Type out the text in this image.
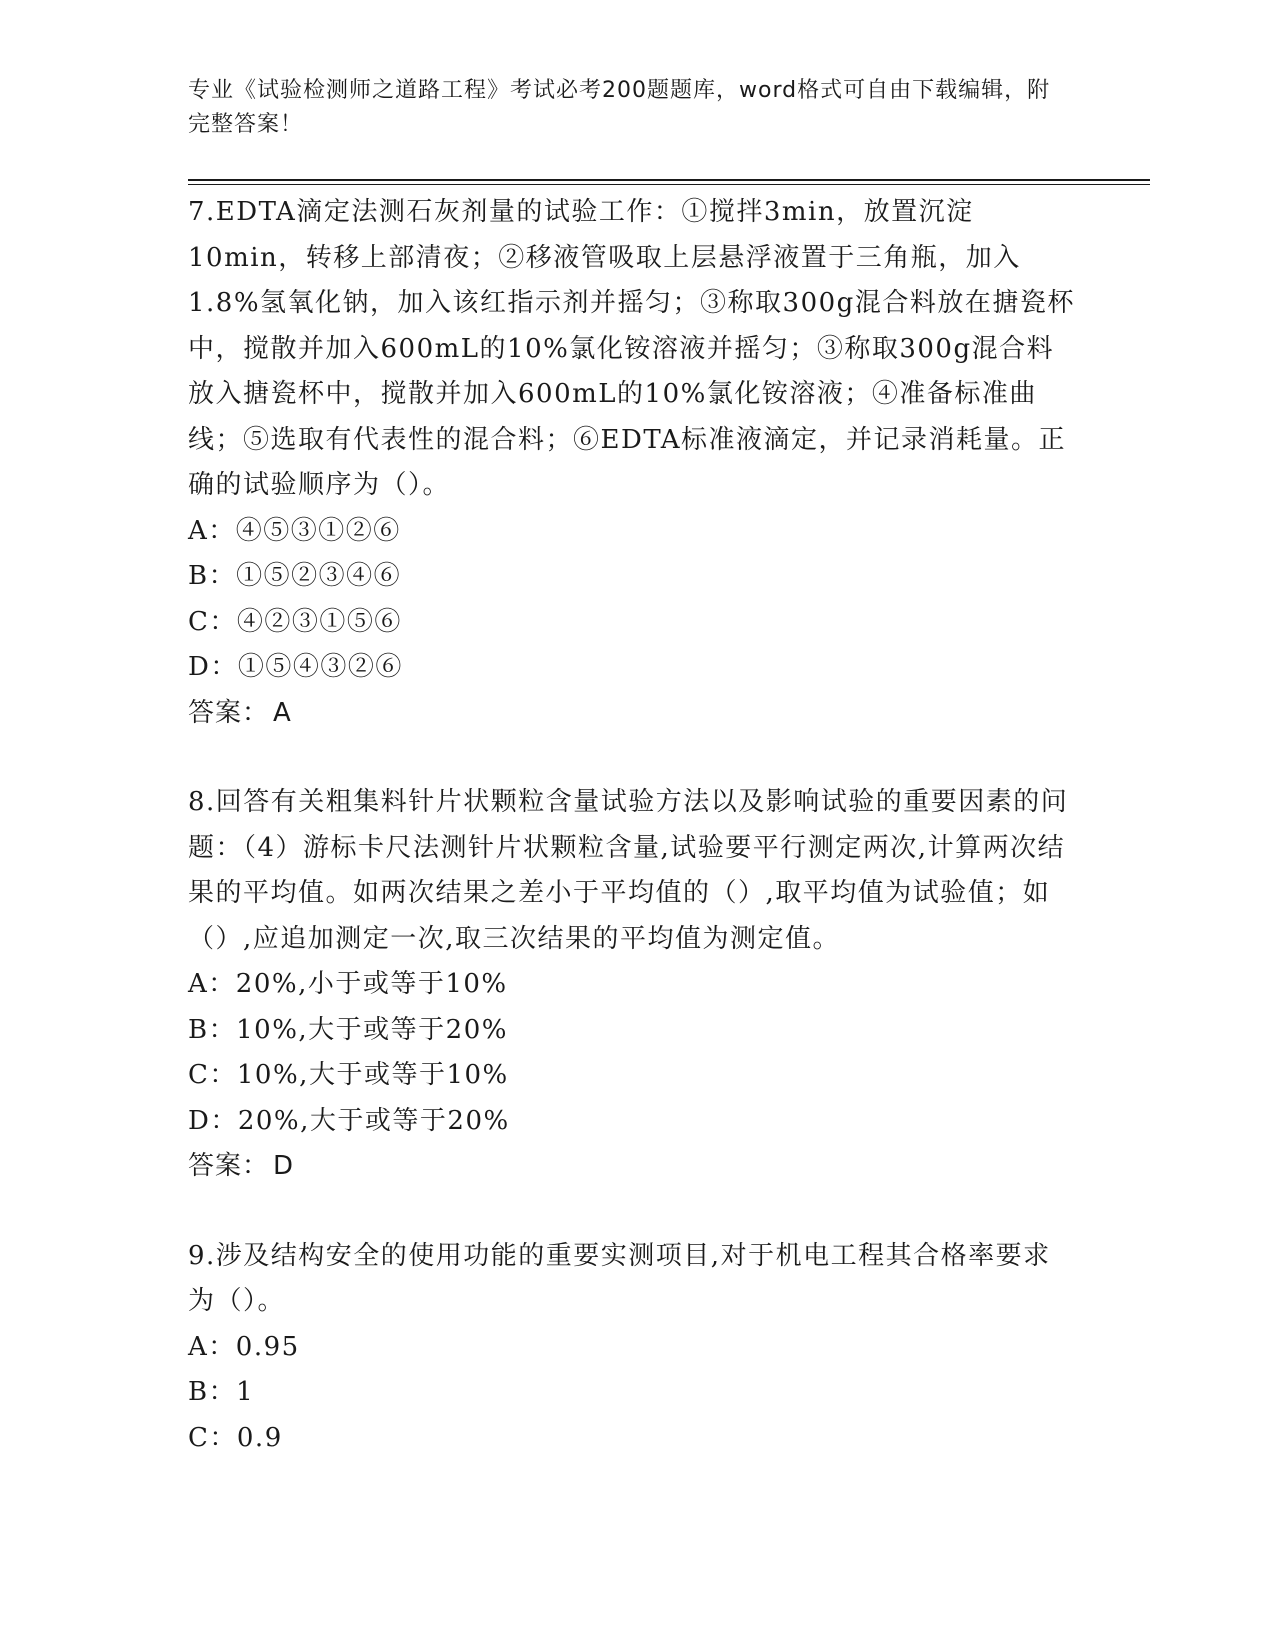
专业《试验检测师之道路工程》考试必考200题题库，word格式可自由下载编辑，附完整答案！

7.EDTA滴定法测石灰剂量的试验工作：①搅拌3min，放置沉淀10min，转移上部清夜；②移液管吸取上层悬浮液置于三角瓶，加入1.8%氢氧化钠，加入该红指示剂并摇匀；③称取300g混合料放在搪瓷杯中，搅散并加入600mL的10%氯化铵溶液并摇匀；③称取300g混合料放入搪瓷杯中，搅散并加入600mL的10%氯化铵溶液；④准备标准曲线；⑤选取有代表性的混合料；⑥EDTA标准液滴定，并记录消耗量。正确的试验顺序为（）。

A：④⑤③①②⑥

B：①⑤②③④⑥

C：④②③①⑤⑥

D：①⑤④③②⑥

答案： A

8.回答有关粗集料针片状颗粒含量试验方法以及影响试验的重要因素的问题：（4）游标卡尺法测针片状颗粒含量,试验要平行测定两次,计算两次结果的平均值。如两次结果之差小于平均值的（）,取平均值为试验值；如（）,应追加测定一次,取三次结果的平均值为测定值。

A：20%,小于或等于10%

B：10%,大于或等于20%

C：10%,大于或等于10%

D：20%,大于或等于20%

答案： D

9.涉及结构安全的使用功能的重要实测项目,对于机电工程其合格率要求为（）。

A：0.95

B：1

C：0.9
